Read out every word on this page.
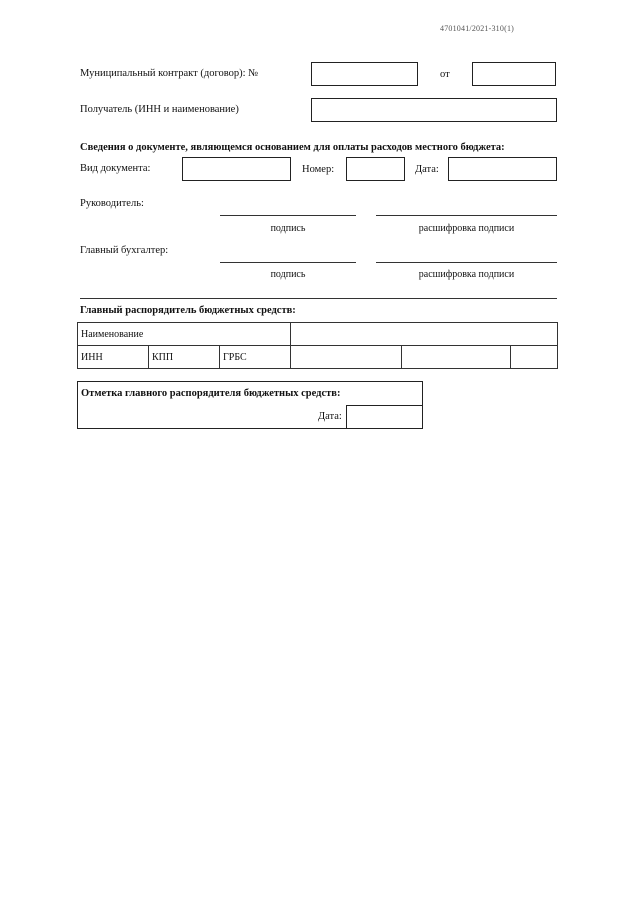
4701041/2021-310(1)
Муниципальный контракт (договор): №	от
Получатель (ИНН и наименование)
Сведения о документе, являющемся основанием для оплаты расходов местного бюджета:
Вид документа:	Номер:	Дата:
Руководитель:
подпись	расшифровка подписи
Главный бухгалтер:
подпись	расшифровка подписи
Главный распорядитель бюджетных средств:
Наименование					
ИНН	КПП	ГРБС			
Отметка главного распорядителя бюджетных средств:
Дата:
